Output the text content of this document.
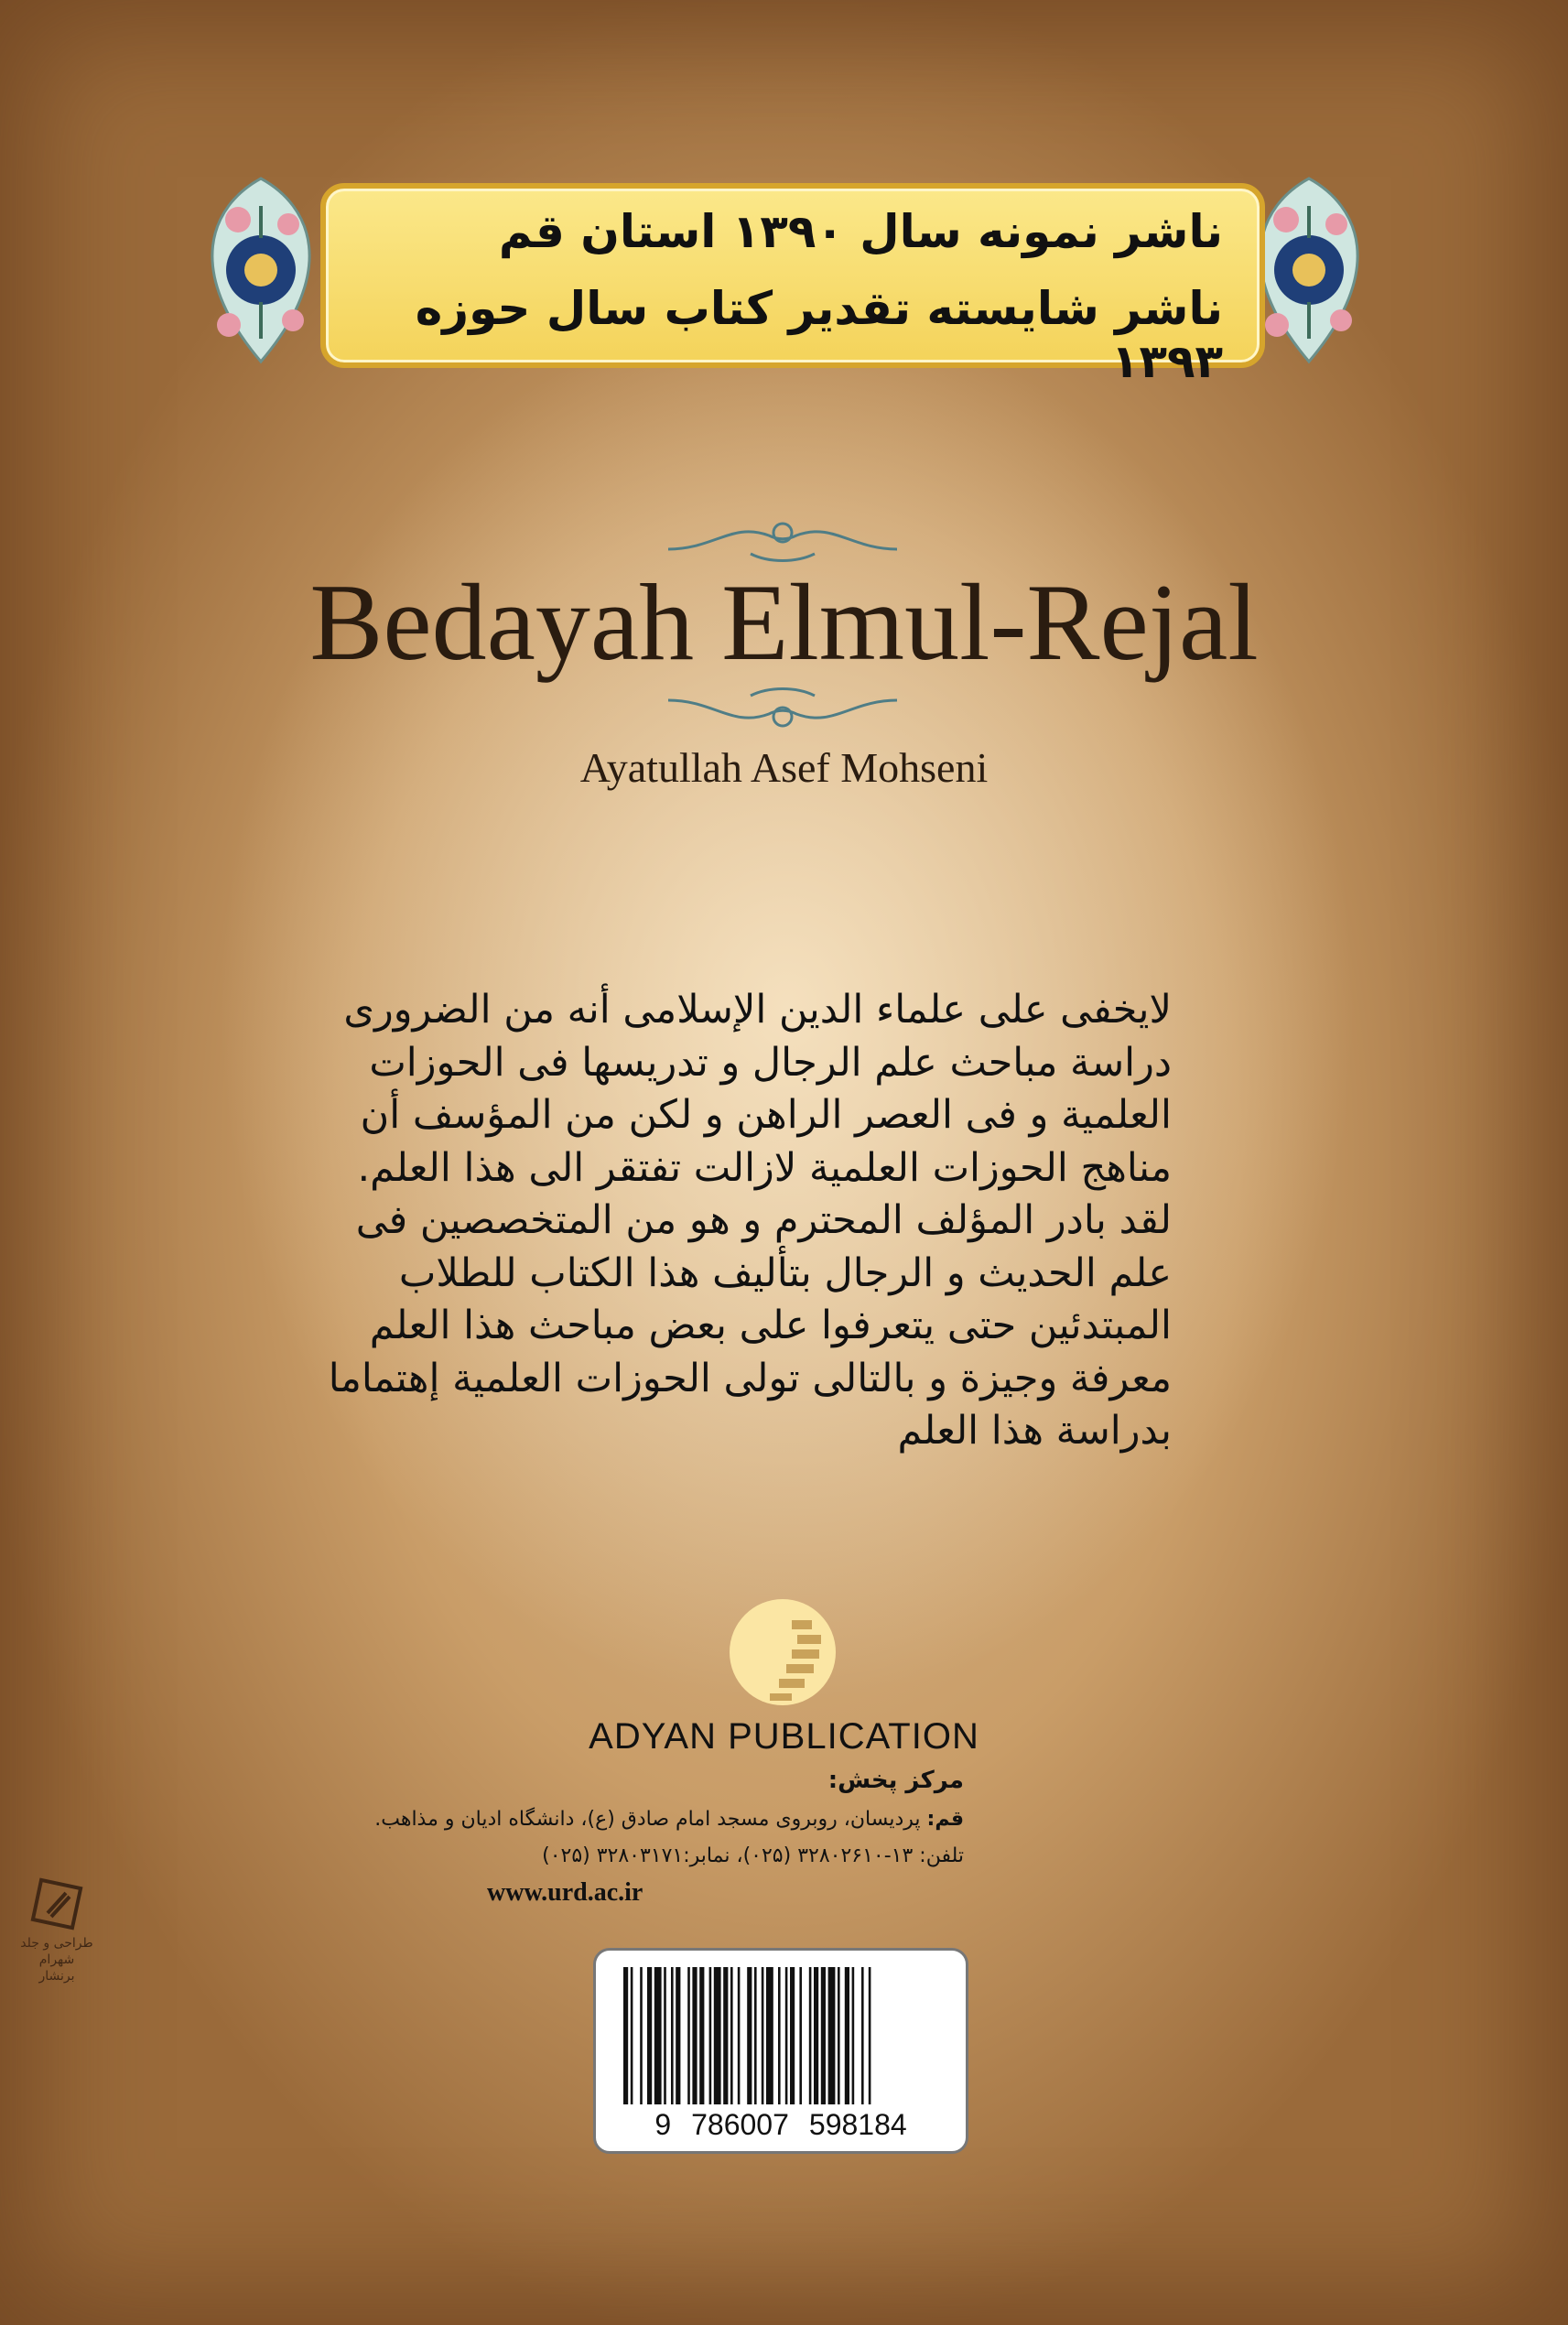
ناشر نمونه سال ۱۳۹۰ استان قم
ناشر شایسته تقدیر کتاب سال حوزه ۱۳۹۳
Bedayah Elmul-Rejal
Ayatullah Asef Mohseni
لایخفی علی علماء الدین الإسلامی أنه من الضروری
دراسة مباحث علم الرجال و تدریسها فی الحوزات
العلمیة و فی العصر الراهن و لکن من المؤسف أن
مناهج الحوزات العلمیة لازالت تفتقر الی هذا العلم.
لقد بادر المؤلف المحترم و هو من المتخصصین فی
علم الحدیث و الرجال بتألیف هذا الکتاب للطلاب
المبتدئین حتی یتعرفوا علی بعض مباحث هذا العلم
معرفة وجیزة و بالتالی تولی الحوزات العلمیة إهتماما
بدراسة هذا العلم
ADYAN PUBLICATION
مرکز پخش:
قم: پردیسان، روبروی مسجد امام صادق (ع)، دانشگاه ادیان و مذاهب.
تلفن: ۱۳-۳۲۸۰۲۶۱۰ (۰۲۵)، نمابر:۳۲۸۰۳۱۷۱ (۰۲۵)
www.urd.ac.ir
9 786007 598184
طراحی و جلد
شهرام برنشار
